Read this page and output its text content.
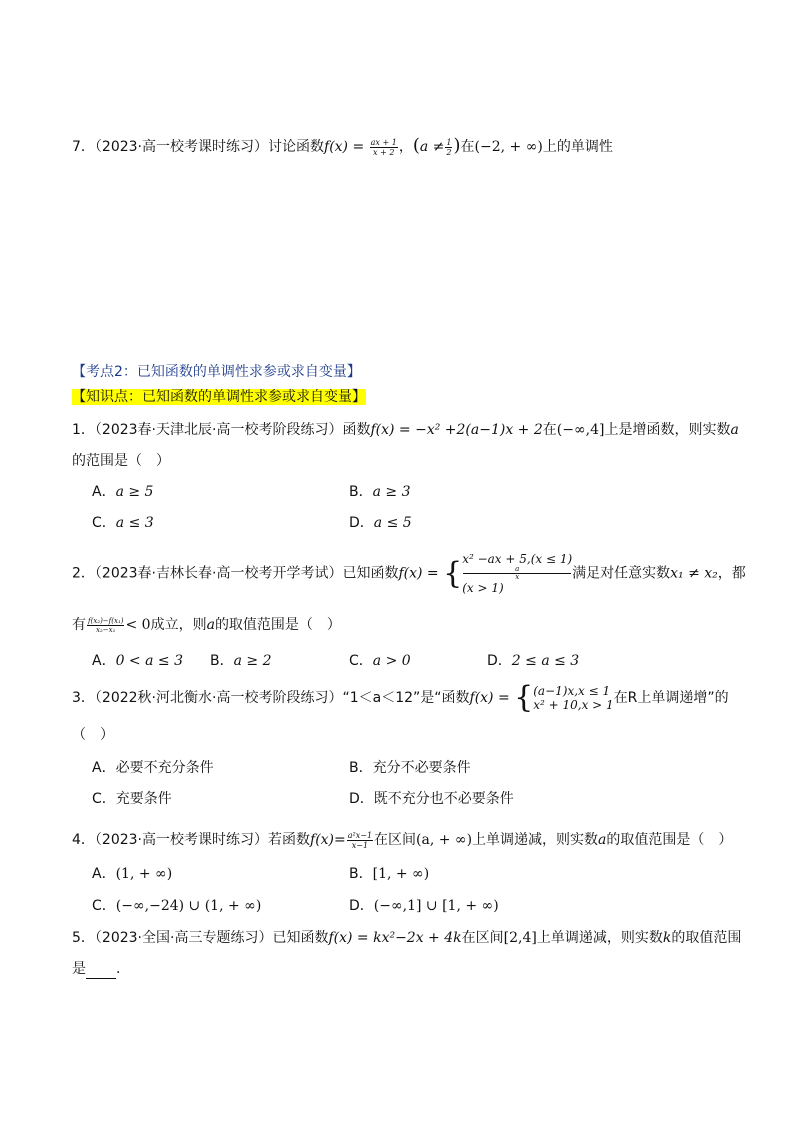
7．（2023·高一校考课时练习）讨论函数$f(x) = \frac{ax + 1}{x + 2}$ ，($a \ne \frac{1}{2}$ )在(−2, + ∞)上的单调性
【考点2：已知函数的单调性求参或求自变量】
【知识点：已知函数的单调性求参或求自变量】
1．（2023春·天津北辰·高一校考阶段练习）函数f(x) = −x² +2(a−1)x + 2在(−∞,4]上是增函数，则实数a
的范围是（　）
A．a ≥ 5	B．a ≥ 3
C．a ≤ 3	D．a ≤ 5
2．（2023春·吉林长春·高一校考开学考试）已知函数f(x) = { x² −ax + 5,(x ≤ 1)
a
x
(x > 1)
满足对任意实数x₁ ≠ x₂，都
有 $\frac{\text{f(x₂)−f(x₁)}}{\text{x₂−x₁}} < 0$成立，则a的取值范围是（　）
A．0 < a ≤ 3 B．a ≥ 2	C．a > 0	D．2 ≤ a ≤ 3
3．（2022秋·河北衡水·高一校考阶段练习）“1＜a＜12”是“函数f(x) = { (a−1)x,x ≤ 1
x² + 10,x > 1 在R上单调递增”的
（　）
A．必要不充分条件	B．充分不必要条件
C．充要条件	D．既不充分也不必要条件
4．（2023·高一校考课时练习）若函数$f(x)= \frac{\text{a²x−1}}{x-1}$ 在区间(a, + ∞)上单调递减，则实数a的取值范围是（　）
A．(1, + ∞)	B．[1, + ∞)
C．(−∞,−24) ∪ (1, + ∞)	D．(−∞,1] ∪ [1, + ∞)
5．（2023·全国·高三专题练习）已知函数f(x) = kx²−2x + 4k在区间[2,4]上单调递减，则实数k的取值范围
是 .
